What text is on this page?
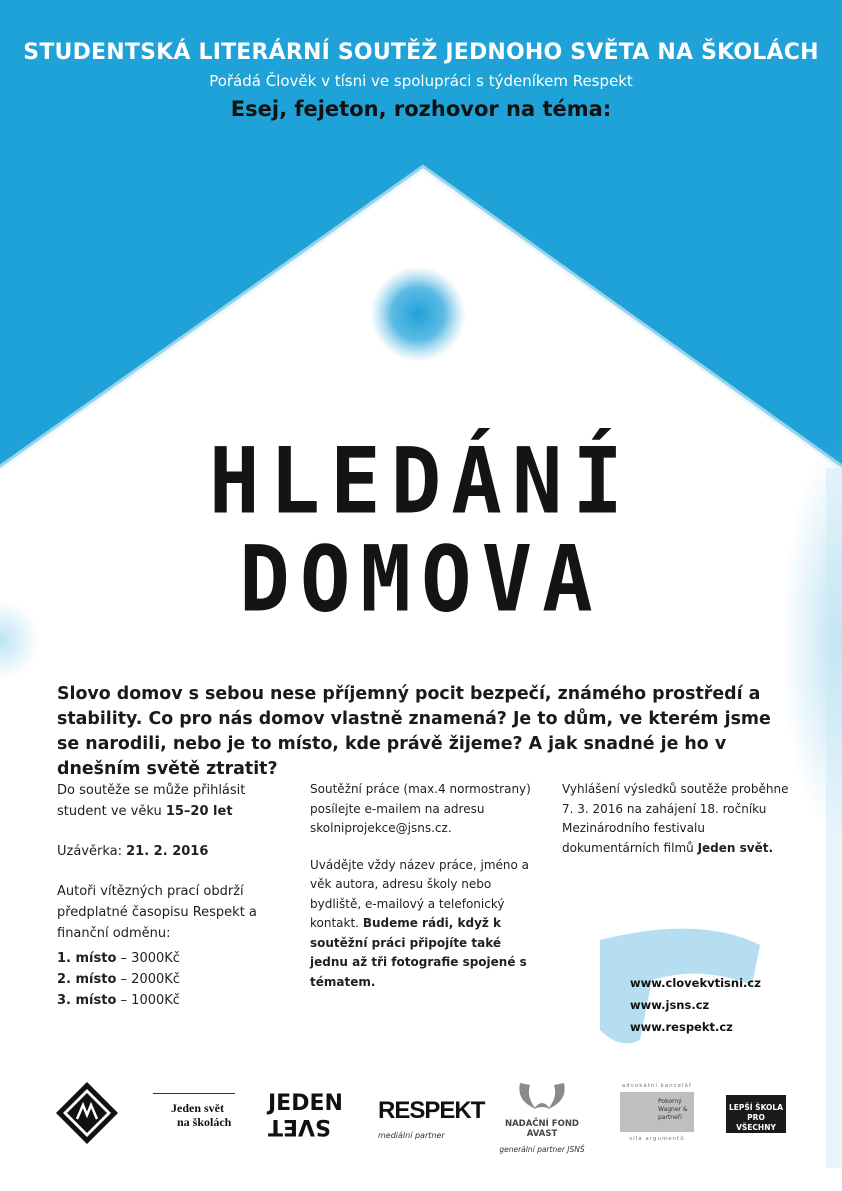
STUDENTSKÁ LITERÁRNÍ SOUTĚŽ JEDNOHO SVĚTA NA ŠKOLÁCH
Pořádá Člověk v tísni ve spolupráci s týdeníkem Respekt
Esej, fejeton, rozhovor na téma:
HLEDÁNÍ
DOMOVA
Slovo domov s sebou nese příjemný pocit bezpečí, známého prostředí a stability. Co pro nás domov vlastně znamená? Je to dům, ve kterém jsme se narodili, nebo je to místo, kde právě žijeme? A jak snadné je ho v dnešním světě ztratit?

Do soutěže se může přihlásit student ve věku 15–20 let

Uzávěrka: 21. 2. 2016

Autoři vítězných prací obdrží předplatné časopisu Respekt a finanční odměnu:

1. místo – 3000Kč
2. místo – 2000Kč
3. místo – 1000Kč

Soutěžní práce (max.4 normostrany) posílejte e-mailem na adresu skolniprojekce@jsns.cz.

Uvádějte vždy název práce, jméno a věk autora, adresu školy nebo bydliště, e-mailový a telefonický kontakt. Budeme rádi, když k soutěžní práci připojíte také jednu až tři fotografie spojené s tématem.

Vyhlášení výsledků soutěže proběhne 7. 3. 2016 na zahájení 18. ročníku Mezinárodního festivalu dokumentárních filmů Jeden svět.

www.clovekvtisni.cz
www.jsns.cz
www.respekt.cz
Jeden svět
na školách
JEDEN
SVET
RESPEKT
mediální partner
NADAČNÍ FOND AVAST
generální partner JSNŠ
advokátní kancelář
Pokorný Wagner & partneři
síla argumentů
LEPŠÍ ŠKOLA PRO VŠECHNY
